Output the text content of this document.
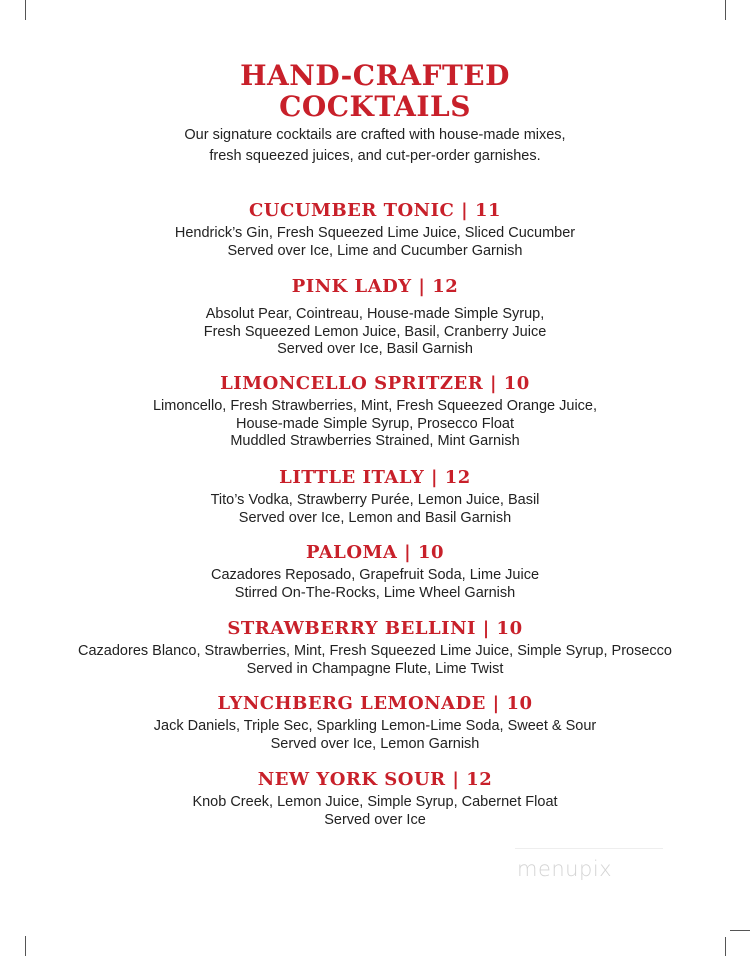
HAND-CRAFTED
COCKTAILS
Our signature cocktails are crafted with house-made mixes,
fresh squeezed juices, and cut-per-order garnishes.
CUCUMBER TONIC | 11
Hendrick’s Gin, Fresh Squeezed Lime Juice, Sliced Cucumber
Served over Ice, Lime and Cucumber Garnish
PINK LADY | 12
Absolut Pear, Cointreau, House-made Simple Syrup,
Fresh Squeezed Lemon Juice, Basil, Cranberry Juice
Served over Ice, Basil Garnish
LIMONCELLO SPRITZER | 10
Limoncello, Fresh Strawberries, Mint, Fresh Squeezed Orange Juice,
House-made Simple Syrup, Prosecco Float
Muddled Strawberries Strained, Mint Garnish
LITTLE ITALY | 12
Tito’s Vodka, Strawberry Purée, Lemon Juice, Basil
Served over Ice, Lemon and Basil Garnish
PALOMA | 10
Cazadores Reposado, Grapefruit Soda, Lime Juice
Stirred On-The-Rocks, Lime Wheel Garnish
STRAWBERRY BELLINI | 10
Cazadores Blanco, Strawberries, Mint, Fresh Squeezed Lime Juice, Simple Syrup, Prosecco
Served in Champagne Flute, Lime Twist
LYNCHBERG LEMONADE | 10
Jack Daniels, Triple Sec, Sparkling Lemon-Lime Soda, Sweet & Sour
Served over Ice, Lemon Garnish
NEW YORK SOUR | 12
Knob Creek, Lemon Juice, Simple Syrup, Cabernet Float
Served over Ice
menupix
